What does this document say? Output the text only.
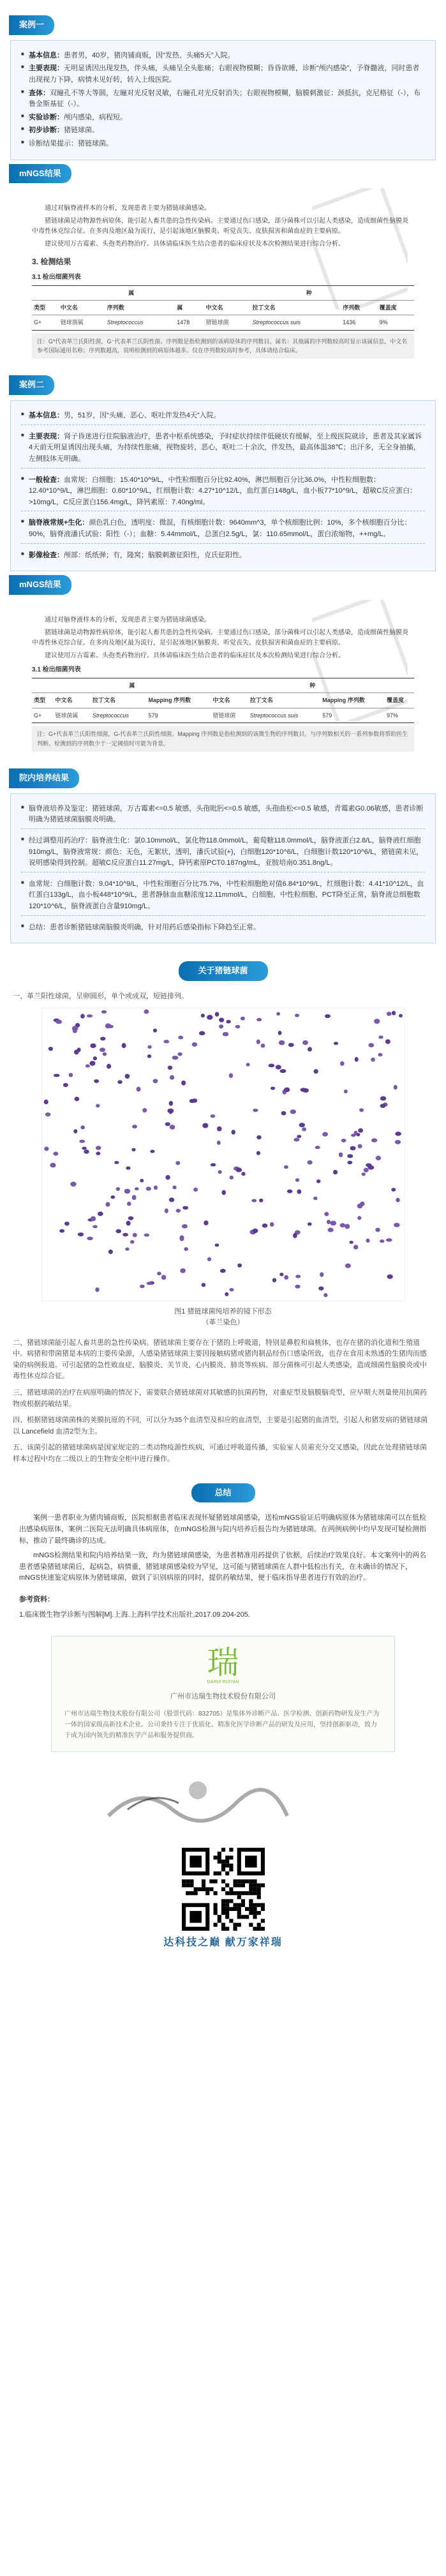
案例一

■ 基本信息：患者男，40岁，猪肉铺商贩，因“发热、头痛5天”入院。

■ 主要表现：无明显诱因出现发热，伴头痛，头痛呈全头胀痛；右眼视物模糊；昏昏欲睡，诊断“颅内感染”，予脊髓液，同时患者出现视力下降，病情未见好转，转入上级医院。

■ 查体：双瞳孔不等大等圆，左瞳对光反射灵敏，右瞳孔对光反射消失；右眼视物模糊，脑膜刺激征：颈抵抗，克尼格征（-），布鲁金斯基征（-）。

■ 实验诊断：颅内感染，病程短。

■ 初步诊断：猪链球菌。

■ 诊断结果提示：猪链球菌。

mNGS结果

通过对脑脊液样本的分析，发现患者主要为猪链球菌感染。

猪链球菌是动物源性病原体，能引起人畜共患的急性传染病。主要通过伤口感染，部分菌株可以引起人类感染，造成细菌性脑膜炎中毒性休克综合征。在多肉及地区最为流行，是引起该地区脑膜炎、听觉丧失、皮肤损害和菌血症的主要病原。

建议使用万古霉素、头孢类药物治疗。具体请临床医生结合患者的临床症状及本次检测结果进行综合分析。

3. 检测结果
3.1 检出细菌列表
	属			种			
类型	中文名	序列数	属	中文名	拉丁文名	序列数	覆盖度
G+	链球菌属	Streptococcus	1478	猪链球菌	Streptococcus suis	1436	9%
注：G*代表革兰氏阳性菌，G⁻代表革兰氏阴性菌。序列数是指检测到的该病原体的序列数目。属名：其他属的序列数较高时显示该属信息，中文名参考国际通用名称；序列数越高，说明检测到的病原体越多。仅在序列数较高时参考，具体请结合临床。
案例二

■ 基本信息：男，51岁，因“头痛、恶心、呕吐伴发热4天”入院。

■ 主要表现：肾子昏迷进行住院脑液治疗，患者中枢系统感染，予时症状持续伴低硬状有缓解，至上级医院就诊，患者及其家属诉4天前无明显诱因出现头痛，为持续性胀痛，视物旋转，恶心，呕吐二十余次，伴发热，最高体温38℃；出汗多，无全身抽搐，左侧肢体无明确。

■ 一般检查：血常规：白细胞：15.40*10^9/L，中性粒细胞百分比92.40%，淋巴细胞百分比36.0%，中性粒细胞数：12.40*10^9/L，淋巴细胞：0.60*10^9/L，红细胞计数：4.27*10^12/L，血红蛋白148g/L，血小板77*10^9/L，超敏C反应蛋白：>10mg/L，C反应蛋白156.4mg/L，降钙素原：7.40ng/ml。

■ 脑脊液常规+生化：颜色乳白色，透明度：微混，有核细胞计数：9640mm^3，单个核细胞比例：10%，多个核细胞百分比：90%，脑脊液潘氏试验：阳性（-）；血糖：5.44mmol/L，总蛋白2.5g/L，氯：110.65mmol/L，蛋白浓缩物，++mg/L。

■ 影像检查：颅部：纸纸弹；有，隆窝；脑膜刺激征阳性，克氏征阳性。

mNGS结果

通过对脑脊液样本的分析，发现患者主要为猪链球菌感染。

猪链球菌是动物源性病原体，能引起人畜共患的急性传染病。主要通过伤口感染，部分菌株可以引起人类感染，造成细菌性脑膜炎中毒性休克综合征。在多肉及地区最为流行，是引起该地区脑膜炎、听觉丧失、皮肤损害和菌血症的主要病原。

建议使用万古霉素、头孢类药物治疗。具体请临床医生结合患者的临床症状及本次检测结果进行综合分析。

3.1 检出细菌列表
	属			种			
类型	中文名	拉丁文名	Mapping 序列数	中文名	拉丁文名	Mapping 序列数	覆盖度
G+	链球菌属	Streptococcus	579	猪链球菌	Streptococcus suis	579	97%
注：G+代表革兰氏阳性细菌，G-代表革兰氏阴性细菌。Mapping 序列数是指检测到的该微生物的序列数目。与序列数相关的一系列参数将帮助医生判断。检测到的序列数少于一定阈值时可能为背景。
院内培养结果

■ 脑脊液培养及鉴定：猪链球菌，万古霉素<=0.5 敏感，头孢吡肟<=0.5 敏感，头孢曲松<=0.5 敏感，青霉素G0.06敏感，患者诊断明确为猪链球菌脑膜炎明确。

■ 经过调整用药治疗：脑脊液生化：氯0.10mmol/L，氯化物118.0mmol/L，葡萄糖118.0mmol/L，脑脊液蛋白2.8/L，脑脊液红细胞910mg/L，脑脊液常规：颜色：无色，无絮状，透明，潘氏试验(+)，白细胞120*10^6/L，白细胞计数120*10^6/L，猪链菌未见，说明感染得到控制。超敏C反应蛋白11.27mg/L，降钙素原PCT0.187ng/mL，亚胺培南0.351.8ng/L。

■ 血常规：白细胞计数：9.04*10^9/L，中性粒细胞百分比75.7%，中性粒细胞绝对值6.84*10^9/L，红细胞计数：4.41*10^12/L，血红蛋白133g/L，血小板448*10^9/L，患者静脉血血糖浓度12.11mmol/L，白细胞、中性粒细胞、PCT降至正常，脑脊液总细胞数120*10^6/L，脑脊液蛋白含量910mg/L。

■ 总结：患者诊断猪链球菌脑膜炎明确，针对用药后感染指标下降趋至正常。

关于猪链球菌

一、革兰阳性球菌，呈卵圆形，单个或成双，短链排列。

图1 猪链球菌纯培养的镜下形态
（革兰染色）

二、猪链球菌能引起人畜共患的急性传染病。猪链球菌主要存在于猪的上呼吸道，特别是鼻腔和扁桃体，也存在猪的消化道和生殖道中。病猪和带菌猪是本病的主要传染源，人感染猪链球菌主要因接触病猪或猪肉制品经伤口感染所致，也存在食用未熟透的生猪肉而感染的病例报道。可引起猪的急性败血症、脑膜炎、关节炎、心内膜炎、肺炎等疾病。部分菌株可引起人类感染，造成细菌性脑膜炎或中毒性休克综合征。

三、猪链球菌的治疗在病原明确的情况下，需要联合猪链球菌对其敏感的抗菌药物，对重症型及脑膜脑炎型，应早期大剂量使用抗菌药物或根据药敏结果。

四、根据猪链球菌菌株的荚膜抗原的不同，可以分为35个血清型及相应的血清型，主要是引起猪的血清型，引起人和猪发病的猪链球菌以 Lancefield 血清2型为主。

五、该菌引起的猪链球菌病是国家规定的二类动物疫源性疾病，可通过呼吸道传播，实验室人员需充分交叉感染，因此在处理猪链球菌样本过程中均在二级以上的生物安全柜中进行操作。

总结

案例一患者职业为猪肉铺商贩，医院根据患者临床表现怀疑猪链球菌感染，送检mNGS验证后明确病原体为猪链球菌可以在低检出感染病原体，案例二医院无法明确具体病原体，在mNGS检测与院内培养后报告均为猪链球菌。在两例病例中均早发现可疑检测指标，推动了最终确诊的达成。

mNGS检测结果和院内培养结果一致，均为猪链球菌感染，为患者精准用药提供了依据，后续治疗效果良好。本文案列中的两名患者感染猪链球菌后，起病急，病情重，猪链球菌感染较为罕见，这可能与猪链球菌在人群中低检出有关，在未确诊的情况下，mNGS快速鉴定病原体为猪链球菌，做到了识别病原的同时，提供药敏结果，便于临床指导患者进行有效的治疗。

参考资料：
1.临床微生物学诊断与图解[M].上海.上海科学技术出版社,2017.09.204-205.
瑞
DARUI RUIYAN
广州市达瑞生物技术股份有限公司

广州市达瑞生物技术股份有限公司（股票代码：832705）是集体外诊断产品、医学检测、创新药物研发及生产为一体的国家级高新技术企业。公司秉持专注于优质化、精准化医学诊断产品的研发及应用，坚持创新驱动，致力于成为国内领先的精准医学产品和服务提供商。

达科技之巅 献万家祥瑞
